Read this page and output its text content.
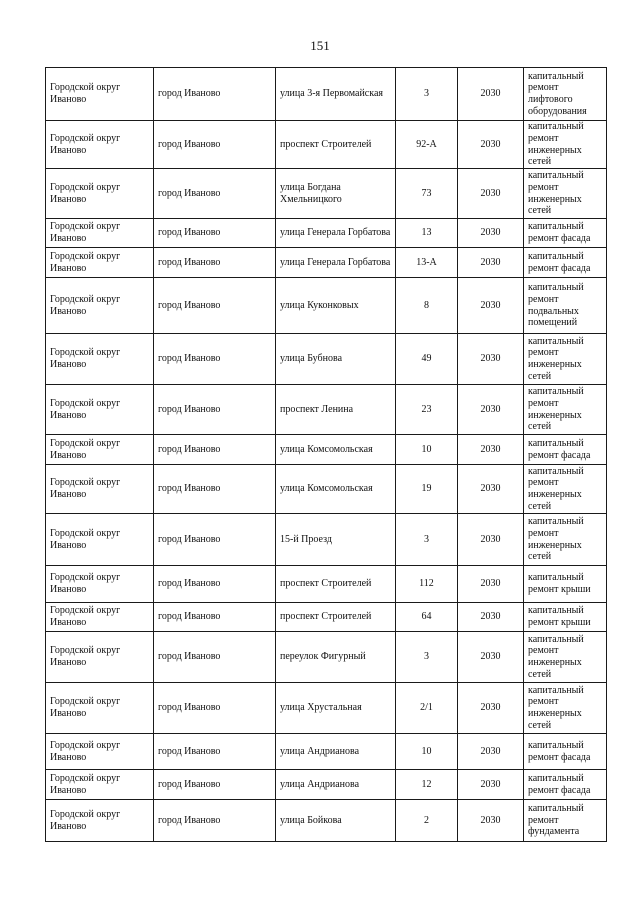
151
Городской округ Иваново	город Иваново	улица 3-я Первомайская	3	2030	капитальный ремонт лифтового оборудования
Городской округ Иваново	город Иваново	проспект Строителей	92-А	2030	капитальный ремонт инженерных сетей
Городской округ Иваново	город Иваново	улица Богдана Хмельницкого	73	2030	капитальный ремонт инженерных сетей
Городской округ Иваново	город Иваново	улица Генерала Горбатова	13	2030	капитальный ремонт фасада
Городской округ Иваново	город Иваново	улица Генерала Горбатова	13-А	2030	капитальный ремонт фасада
Городской округ Иваново	город Иваново	улица Куконковых	8	2030	капитальный ремонт подвальных помещений
Городской округ Иваново	город Иваново	улица Бубнова	49	2030	капитальный ремонт инженерных сетей
Городской округ Иваново	город Иваново	проспект Ленина	23	2030	капитальный ремонт инженерных сетей
Городской округ Иваново	город Иваново	улица Комсомольская	10	2030	капитальный ремонт фасада
Городской округ Иваново	город Иваново	улица Комсомольская	19	2030	капитальный ремонт инженерных сетей
Городской округ Иваново	город Иваново	15-й Проезд	3	2030	капитальный ремонт инженерных сетей
Городской округ Иваново	город Иваново	проспект Строителей	112	2030	капитальный ремонт крыши
Городской округ Иваново	город Иваново	проспект Строителей	64	2030	капитальный ремонт крыши
Городской округ Иваново	город Иваново	переулок Фигурный	3	2030	капитальный ремонт инженерных сетей
Городской округ Иваново	город Иваново	улица Хрустальная	2/1	2030	капитальный ремонт инженерных сетей
Городской округ Иваново	город Иваново	улица Андрианова	10	2030	капитальный ремонт фасада
Городской округ Иваново	город Иваново	улица Андрианова	12	2030	капитальный ремонт фасада
Городской округ Иваново	город Иваново	улица Бойкова	2	2030	капитальный ремонт фундамента
